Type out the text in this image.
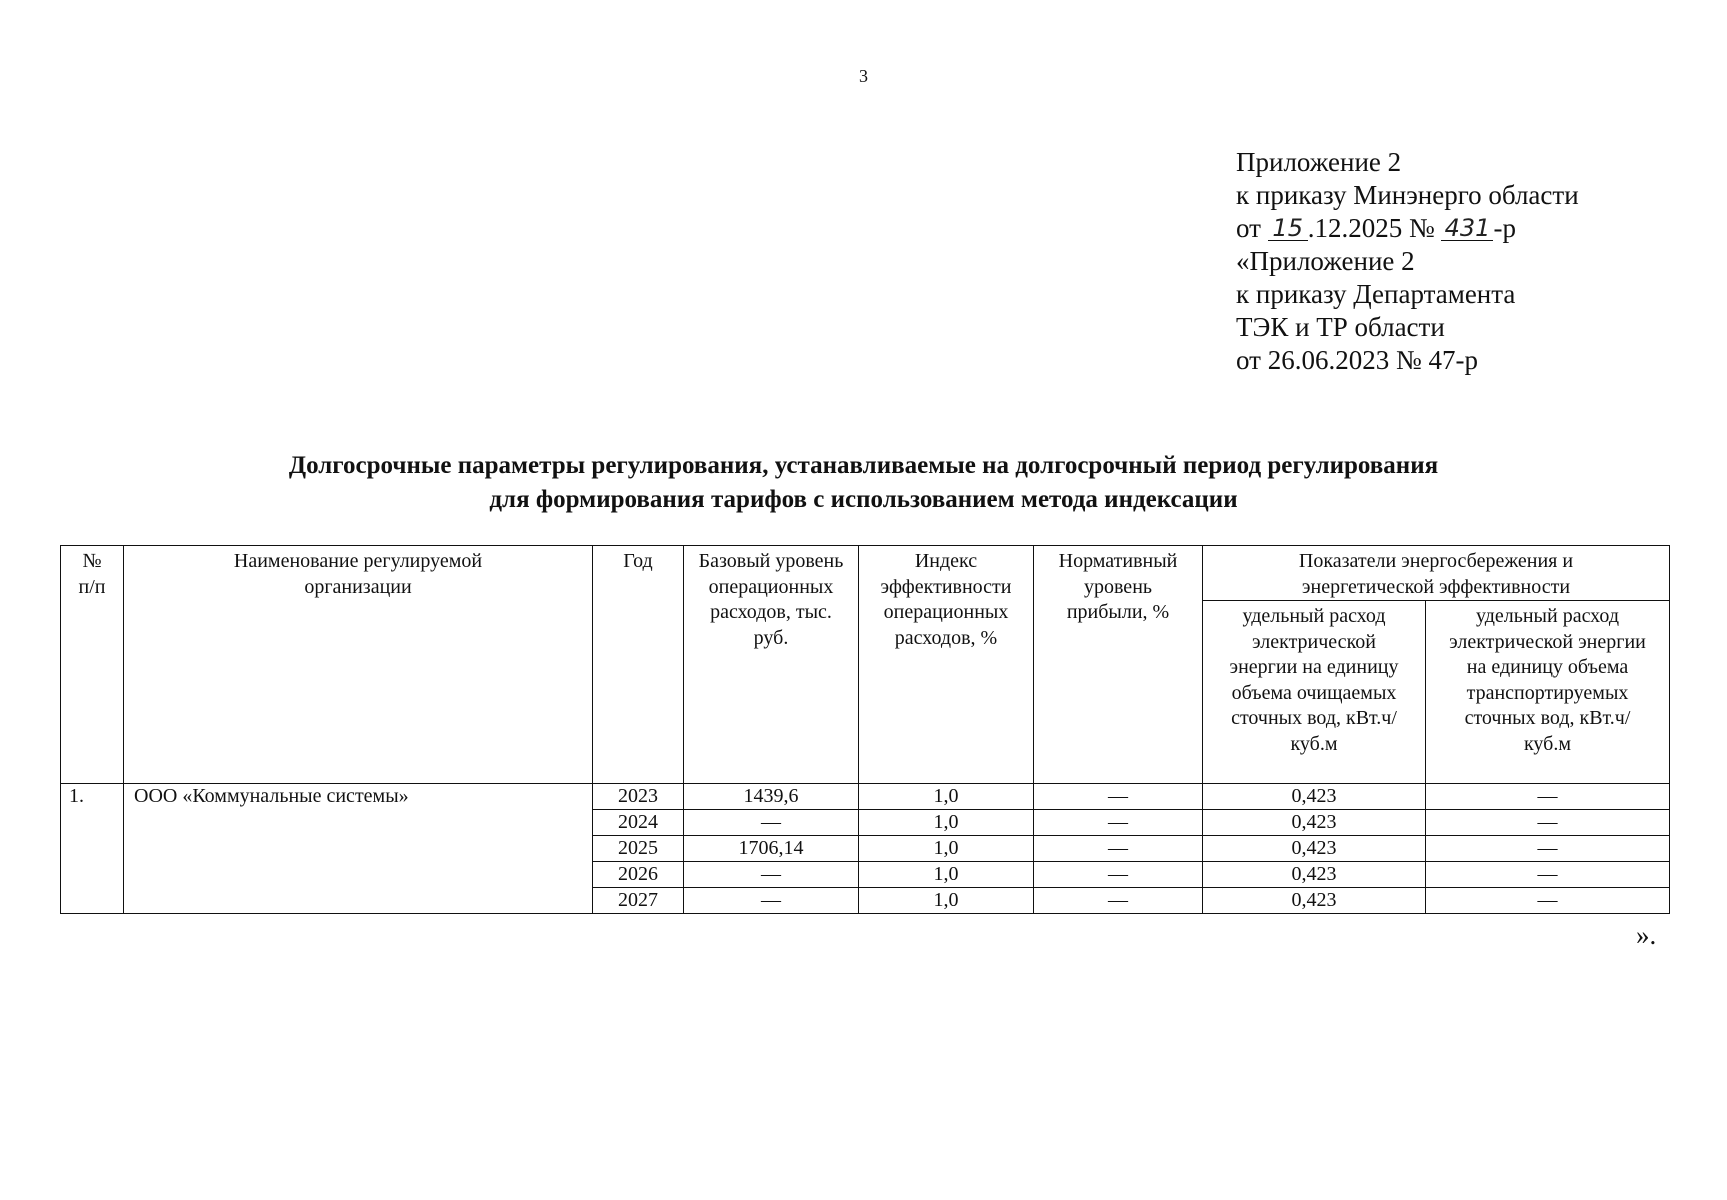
3
Приложение 2
к приказу Минэнерго области
от 15 .12.2025 № 431 -р
«Приложение 2
к приказу Департамента
ТЭК и ТР области
от 26.06.2023 № 47-р
Долгосрочные параметры регулирования, устанавливаемые на долгосрочный период регулирования
для формирования тарифов с использованием метода индексации
№ п/п	Наименование регулируемой организации	Год	Базовый уровень операционных расходов, тыс. руб.	Индекс эффективности операционных расходов, %	Нормативный уровень прибыли, %	Показатели энергосбережения и энергетической эффективности	

						удельный расход электрической энергии на единицу объема очищаемых сточных вод, кВт.ч/куб.м	удельный расход электрической энергии на единицу объема транспортируемых сточных вод, кВт.ч/куб.м

1.	ООО «Коммунальные системы»	2023	1439,6	1,0	—	0,423	—
		2024	—	1,0	—	0,423	—
		2025	1706,14	1,0	—	0,423	—
		2026	—	1,0	—	0,423	—
		2027	—	1,0	—	0,423	—
».
